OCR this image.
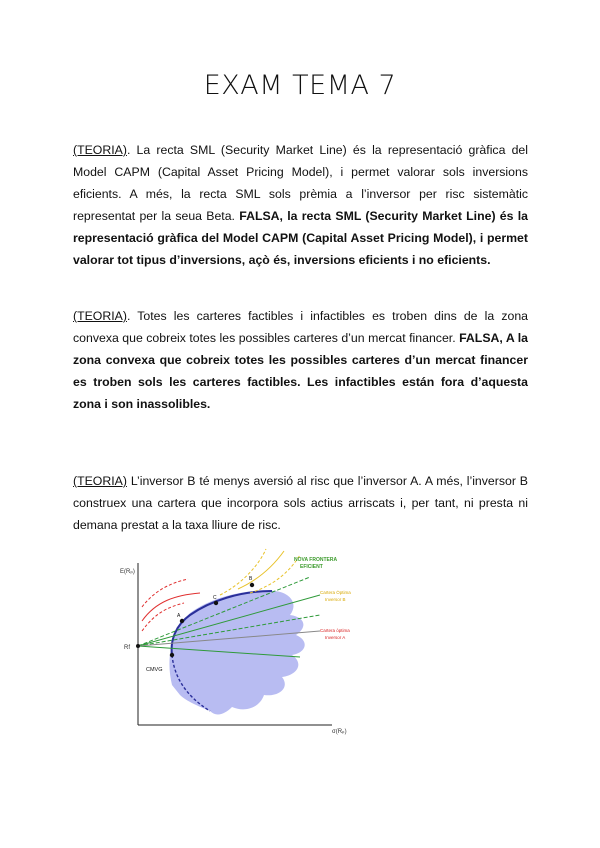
EXAM TEMA 7
(TEORIA). La recta SML (Security Market Line) és la representació gràfica del Model CAPM (Capital Asset Pricing Model), i permet valorar sols inversions eficients. A més, la recta SML sols prèmia a l’inversor per risc sistemàtic representat per la seua Beta. FALSA, la recta SML (Security Market Line) és la representació gràfica del Model CAPM (Capital Asset Pricing Model), i permet valorar tot tipus d’inversions, açò és, inversions eficients i no eficients.
(TEORIA). Totes les carteres factibles i infactibles es troben dins de la zona convexa que cobreix totes les possibles carteres d’un mercat financer. FALSA, A la zona convexa que cobreix totes les possibles carteres d’un mercat financer es troben sols les carteres factibles. Les infactibles están fora d’aquesta zona i son inassolibles.
(TEORIA) L’inversor B té menys aversió al risc que l’inversor A. A més, l’inversor B construex una cartera que incorpora sols actius arriscats i, per tant, ni presta ni demana prestat a la taxa lliure de risc.
A
C
B
E(Rₚ)
σ(Rₚ)
Rf
CMVG
NOVA FRONTERA
EFICIENT
Cartera Òptima
Inversor B
Cartera òptima
Inversor A
